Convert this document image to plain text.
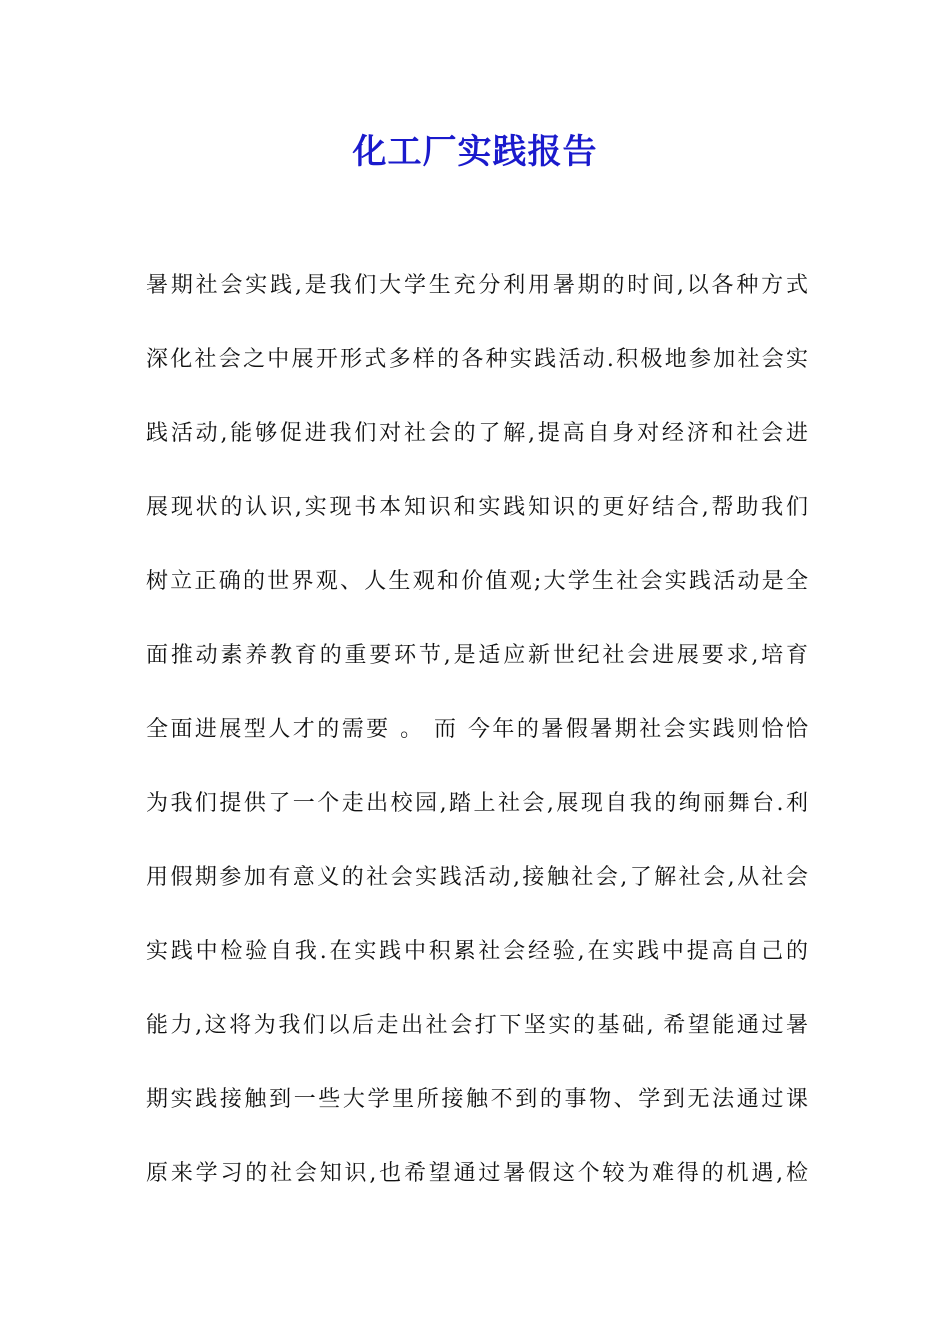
化工厂实践报告
暑期社会实践,是我们大学生充分利用暑期的时间,以各种方式
深化社会之中展开形式多样的各种实践活动.积极地参加社会实
践活动,能够促进我们对社会的了解,提高自身对经济和社会进
展现状的认识,实现书本知识和实践知识的更好结合,帮助我们
树立正确的世界观、人生观和价值观;大学生社会实践活动是全
面推动素养教育的重要环节,是适应新世纪社会进展要求,培育
全面进展型人才的需要 。 而 今年的暑假暑期社会实践则恰恰
为我们提供了一个走出校园,踏上社会,展现自我的绚丽舞台.利
用假期参加有意义的社会实践活动,接触社会,了解社会,从社会
实践中检验自我.在实践中积累社会经验,在实践中提高自己的
能力,这将为我们以后走出社会打下坚实的基础, 希望能通过暑
期实践接触到一些大学里所接触不到的事物、学到无法通过课
原来学习的社会知识,也希望通过暑假这个较为难得的机遇,检
